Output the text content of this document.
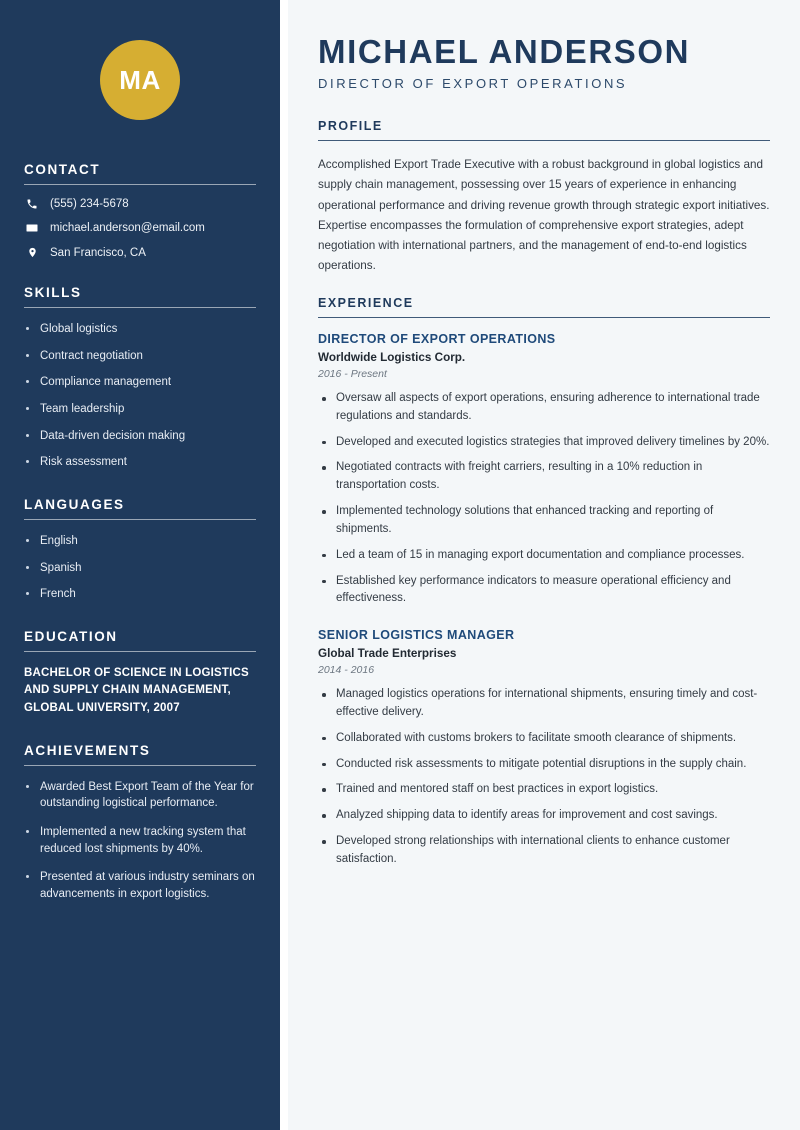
MA
CONTACT
(555) 234-5678
michael.anderson@email.com
San Francisco, CA
SKILLS
Global logistics
Contract negotiation
Compliance management
Team leadership
Data-driven decision making
Risk assessment
LANGUAGES
English
Spanish
French
EDUCATION
BACHELOR OF SCIENCE IN LOGISTICS AND SUPPLY CHAIN MANAGEMENT, GLOBAL UNIVERSITY, 2007
ACHIEVEMENTS
Awarded Best Export Team of the Year for outstanding logistical performance.
Implemented a new tracking system that reduced lost shipments by 40%.
Presented at various industry seminars on advancements in export logistics.
MICHAEL ANDERSON
DIRECTOR OF EXPORT OPERATIONS
PROFILE

Accomplished Export Trade Executive with a robust background in global logistics and supply chain management, possessing over 15 years of experience in enhancing operational performance and driving revenue growth through strategic export initiatives. Expertise encompasses the formulation of comprehensive export strategies, adept negotiation with international partners, and the management of end-to-end logistics operations.

EXPERIENCE
DIRECTOR OF EXPORT OPERATIONS
Worldwide Logistics Corp.
2016 - Present
Oversaw all aspects of export operations, ensuring adherence to international trade regulations and standards.
Developed and executed logistics strategies that improved delivery timelines by 20%.
Negotiated contracts with freight carriers, resulting in a 10% reduction in transportation costs.
Implemented technology solutions that enhanced tracking and reporting of shipments.
Led a team of 15 in managing export documentation and compliance processes.
Established key performance indicators to measure operational efficiency and effectiveness.
SENIOR LOGISTICS MANAGER
Global Trade Enterprises
2014 - 2016
Managed logistics operations for international shipments, ensuring timely and cost-effective delivery.
Collaborated with customs brokers to facilitate smooth clearance of shipments.
Conducted risk assessments to mitigate potential disruptions in the supply chain.
Trained and mentored staff on best practices in export logistics.
Analyzed shipping data to identify areas for improvement and cost savings.
Developed strong relationships with international clients to enhance customer satisfaction.
